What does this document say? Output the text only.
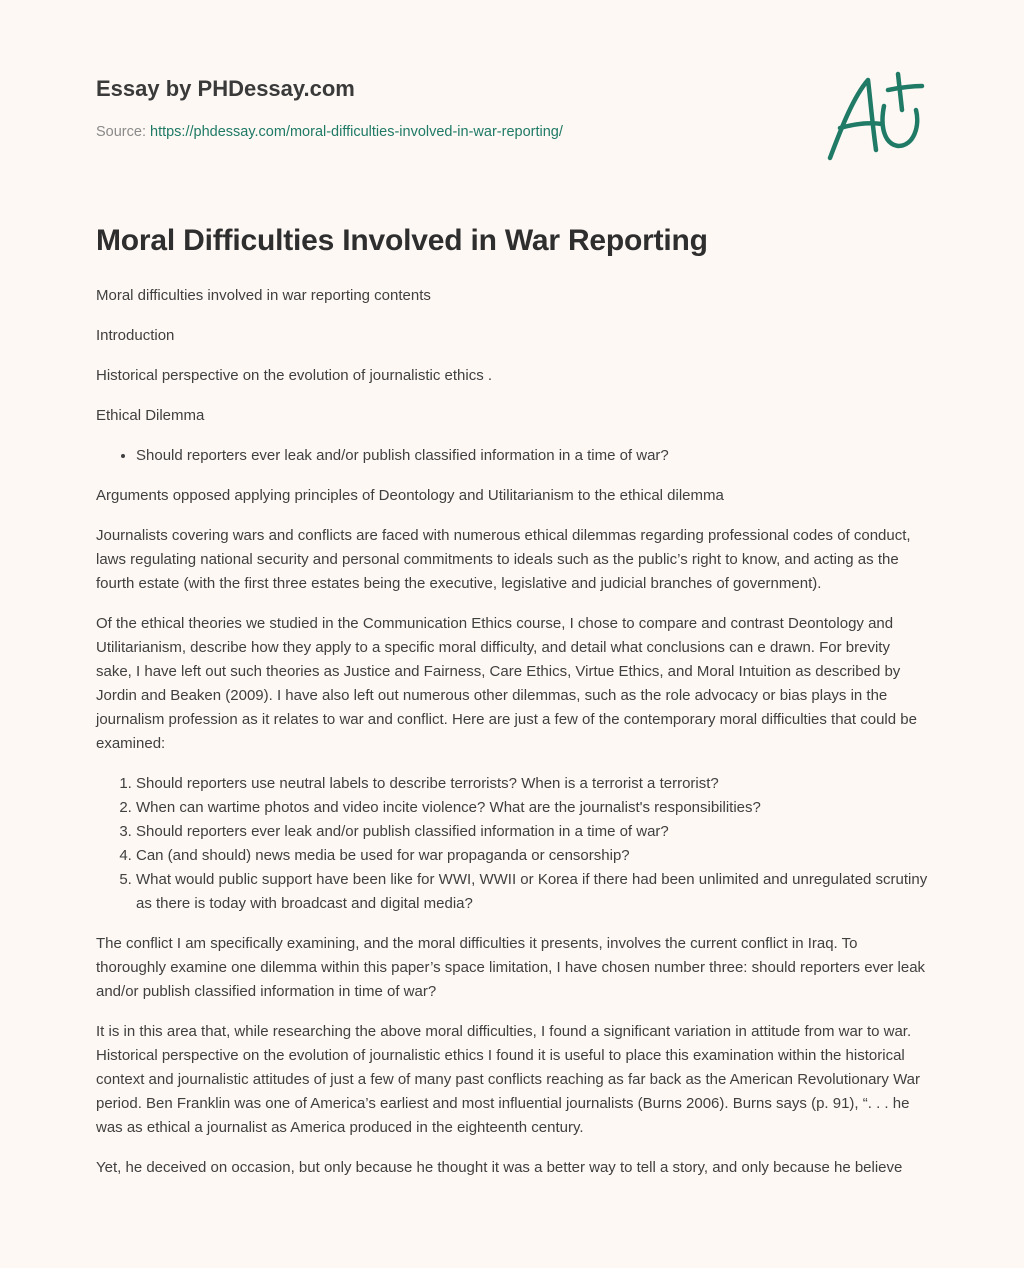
Essay by PHDessay.com
Source: https://phdessay.com/moral-difficulties-involved-in-war-reporting/
Moral Difficulties Involved in War Reporting

Moral difficulties involved in war reporting contents

Introduction

Historical perspective on the evolution of journalistic ethics .

Ethical Dilemma

• Should reporters ever leak and/or publish classified information in a time of war?

Arguments opposed applying principles of Deontology and Utilitarianism to the ethical dilemma

Journalists covering wars and conflicts are faced with numerous ethical dilemmas regarding professional codes of conduct, laws regulating national security and personal commitments to ideals such as the public’s right to know, and acting as the fourth estate (with the first three estates being the executive, legislative and judicial branches of government).

Of the ethical theories we studied in the Communication Ethics course, I chose to compare and contrast Deontology and Utilitarianism, describe how they apply to a specific moral difficulty, and detail what conclusions can e drawn. For brevity sake, I have left out such theories as Justice and Fairness, Care Ethics, Virtue Ethics, and Moral Intuition as described by Jordin and Beaken (2009). I have also left out numerous other dilemmas, such as the role advocacy or bias plays in the journalism profession as it relates to war and conflict. Here are just a few of the contemporary moral difficulties that could be examined:

1. Should reporters use neutral labels to describe terrorists? When is a terrorist a terrorist?
2. When can wartime photos and video incite violence? What are the journalist's responsibilities?
3. Should reporters ever leak and/or publish classified information in a time of war?
4. Can (and should) news media be used for war propaganda or censorship?
5. What would public support have been like for WWI, WWII or Korea if there had been unlimited and unregulated scrutiny as there is today with broadcast and digital media?

The conflict I am specifically examining, and the moral difficulties it presents, involves the current conflict in Iraq. To thoroughly examine one dilemma within this paper’s space limitation, I have chosen number three: should reporters ever leak and/or publish classified information in time of war?

It is in this area that, while researching the above moral difficulties, I found a significant variation in attitude from war to war. Historical perspective on the evolution of journalistic ethics I found it is useful to place this examination within the historical context and journalistic attitudes of just a few of many past conflicts reaching as far back as the American Revolutionary War period. Ben Franklin was one of America’s earliest and most influential journalists (Burns 2006). Burns says (p. 91), “. . . he was as ethical a journalist as America produced in the eighteenth century.

Yet, he deceived on occasion, but only because he thought it was a better way to tell a story, and only because he believe
